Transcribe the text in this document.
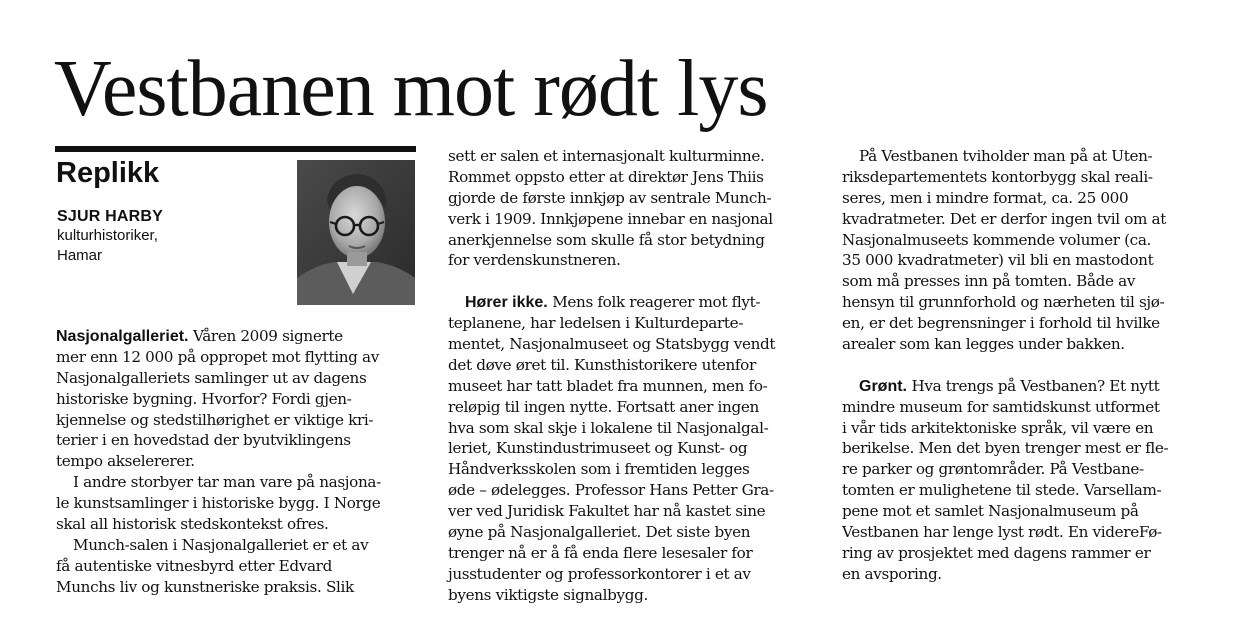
Vestbanen mot rødt lys
Replikk
SJUR HARBY
kulturhistoriker,
Hamar
Nasjonalgalleriet. Våren 2009 signerte
mer enn 12 000 på oppropet mot flytting av
Nasjonalgalleriets samlinger ut av dagens
historiske bygning. Hvorfor? Fordi gjen-
kjennelse og stedstilhørighet er viktige kri-
terier i en hovedstad der byutviklingens
tempo akselererer.
I andre storbyer tar man vare på nasjona-
le kunstsamlinger i historiske bygg. I Norge
skal all historisk stedskontekst ofres.
Munch-salen i Nasjonalgalleriet er et av
få autentiske vitnesbyrd etter Edvard
Munchs liv og kunstneriske praksis. Slik
sett er salen et internasjonalt kulturminne.
Rommet oppsto etter at direktør Jens Thiis
gjorde de første innkjøp av sentrale Munch-
verk i 1909. Innkjøpene innebar en nasjonal
anerkjennelse som skulle få stor betydning
for verdenskunstneren.
Hører ikke. Mens folk reagerer mot flyt-
teplanene, har ledelsen i Kulturdeparte-
mentet, Nasjonalmuseet og Statsbygg vendt
det døve øret til. Kunsthistorikere utenfor
museet har tatt bladet fra munnen, men fo-
reløpig til ingen nytte. Fortsatt aner ingen
hva som skal skje i lokalene til Nasjonalgal-
leriet, Kunstindustrimuseet og Kunst- og
Håndverksskolen som i fremtiden legges
øde – ødelegges. Professor Hans Petter Gra-
ver ved Juridisk Fakultet har nå kastet sine
øyne på Nasjonalgalleriet. Det siste byen
trenger nå er å få enda flere lesesaler for
jusstudenter og professorkontorer i et av
byens viktigste signalbygg.
På Vestbanen tviholder man på at Uten-
riksdepartementets kontorbygg skal reali-
seres, men i mindre format, ca. 25 000
kvadratmeter. Det er derfor ingen tvil om at
Nasjonalmuseets kommende volumer (ca.
35 000 kvadratmeter) vil bli en mastodont
som må presses inn på tomten. Både av
hensyn til grunnforhold og nærheten til sjø-
en, er det begrensninger i forhold til hvilke
arealer som kan legges under bakken.
Grønt. Hva trengs på Vestbanen? Et nytt
mindre museum for samtidskunst utformet
i vår tids arkitektoniske språk, vil være en
berikelse. Men det byen trenger mest er fle-
re parker og grøntområder. På Vestbane-
tomten er mulighetene til stede. Varsellam-
pene mot et samlet Nasjonalmuseum på
Vestbanen har lenge lyst rødt. En videreFø-
ring av prosjektet med dagens rammer er
en avsporing.
